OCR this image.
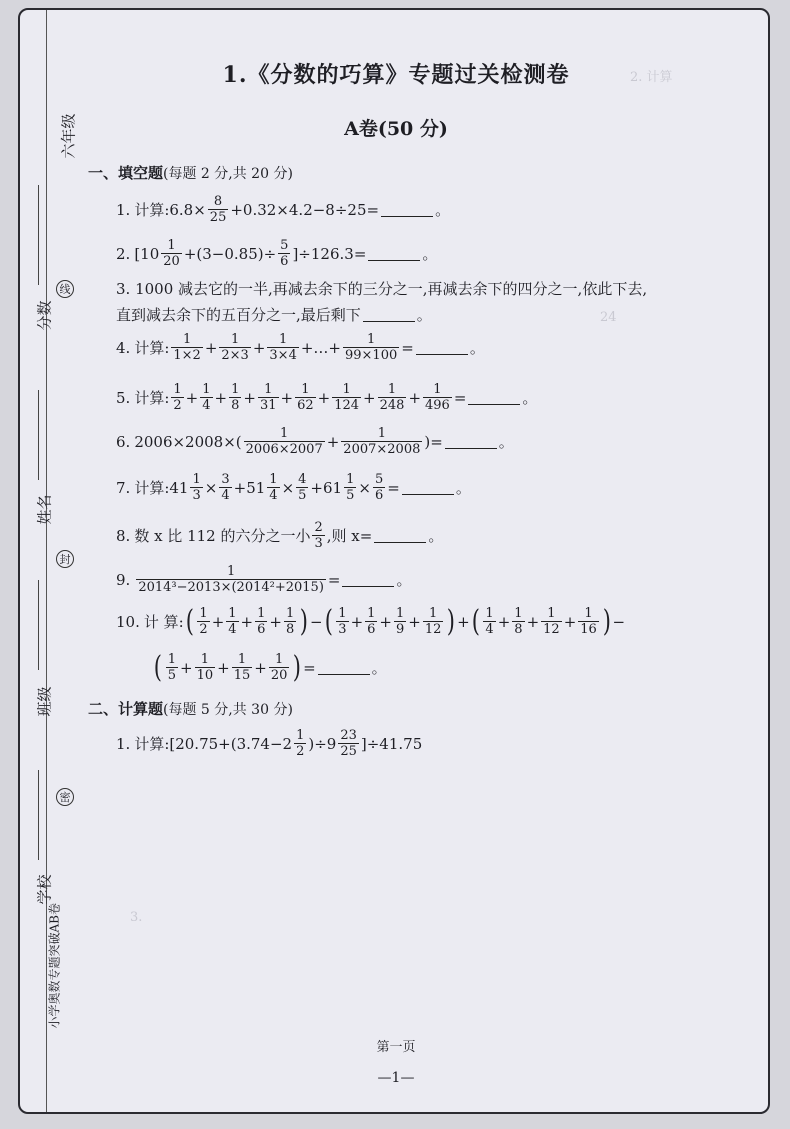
六年级
分数
线
姓名
封
班级
密
学校
小学奥数专题突破AB卷
2. 计算
24
3.
1.《分数的巧算》专题过关检测卷
A卷(50 分)
一、填空题(每题 2 分,共 20 分)
1. 计算:6.8× $\frac{8}{25} +0.32\times 4.2-8\div 25=$	。
2. $[10 \frac{1}{20} +(3-0.85)\div \frac{5}{6} ]\div 126.3=$	。
3. 1000 减去它的一半,再减去余下的三分之一,再减去余下的四分之一,依此下去,
直到减去余下的五百分之一,最后剩下	。
4. 计算: $\frac{1}{1\times 2} + \frac{1}{2\times 3} + \frac{1}{3\times 4}$ +…+ $\frac{1}{99\times 100}$ =	。
5. 计算: $\frac{1}{2} + \frac{1}{4} + \frac{1}{8} + \frac{1}{31} + \frac{1}{62} + \frac{1}{124} + \frac{1}{248} + \frac{1}{496}$ =	。
6. $2006\times 2008\times( \frac{1}{2006\times 2007} + \frac{1}{2007\times 2008}$ )=	。
7. 计算:41 $\frac{1}{3} \times \frac{3}{4} + 51 \frac{1}{4} \times \frac{4}{5} + 61 \frac{1}{5} \times \frac{5}{6}$ =	。
8. 数 x 比 112 的六分之一小 $\frac{2}{3}$ ,则 x=	。
9. $\frac{1}{\text{2014³−2013×(2014²+2015)}}$ =	。
10. 计 算: ( $\frac{1}{2} + \frac{1}{4} + \frac{1}{6} + \frac{1}{8}$ ) − ( $\frac{1}{3} + \frac{1}{6} + \frac{1}{9} + \frac{1}{12}$ ) + ( $\frac{1}{4} + \frac{1}{8} + \frac{1}{12} + \frac{1}{16}$ ) −
( $\frac{1}{5} + \frac{1}{10} + \frac{1}{15} + \frac{1}{20}$ ) =	。
二、计算题(每题 5 分,共 30 分)
1. 计算:[20.75+(3.74−2 $\frac{1}{2} )\div 9 \frac{23}{25} ]\div 41.75$
第一页
—1—
